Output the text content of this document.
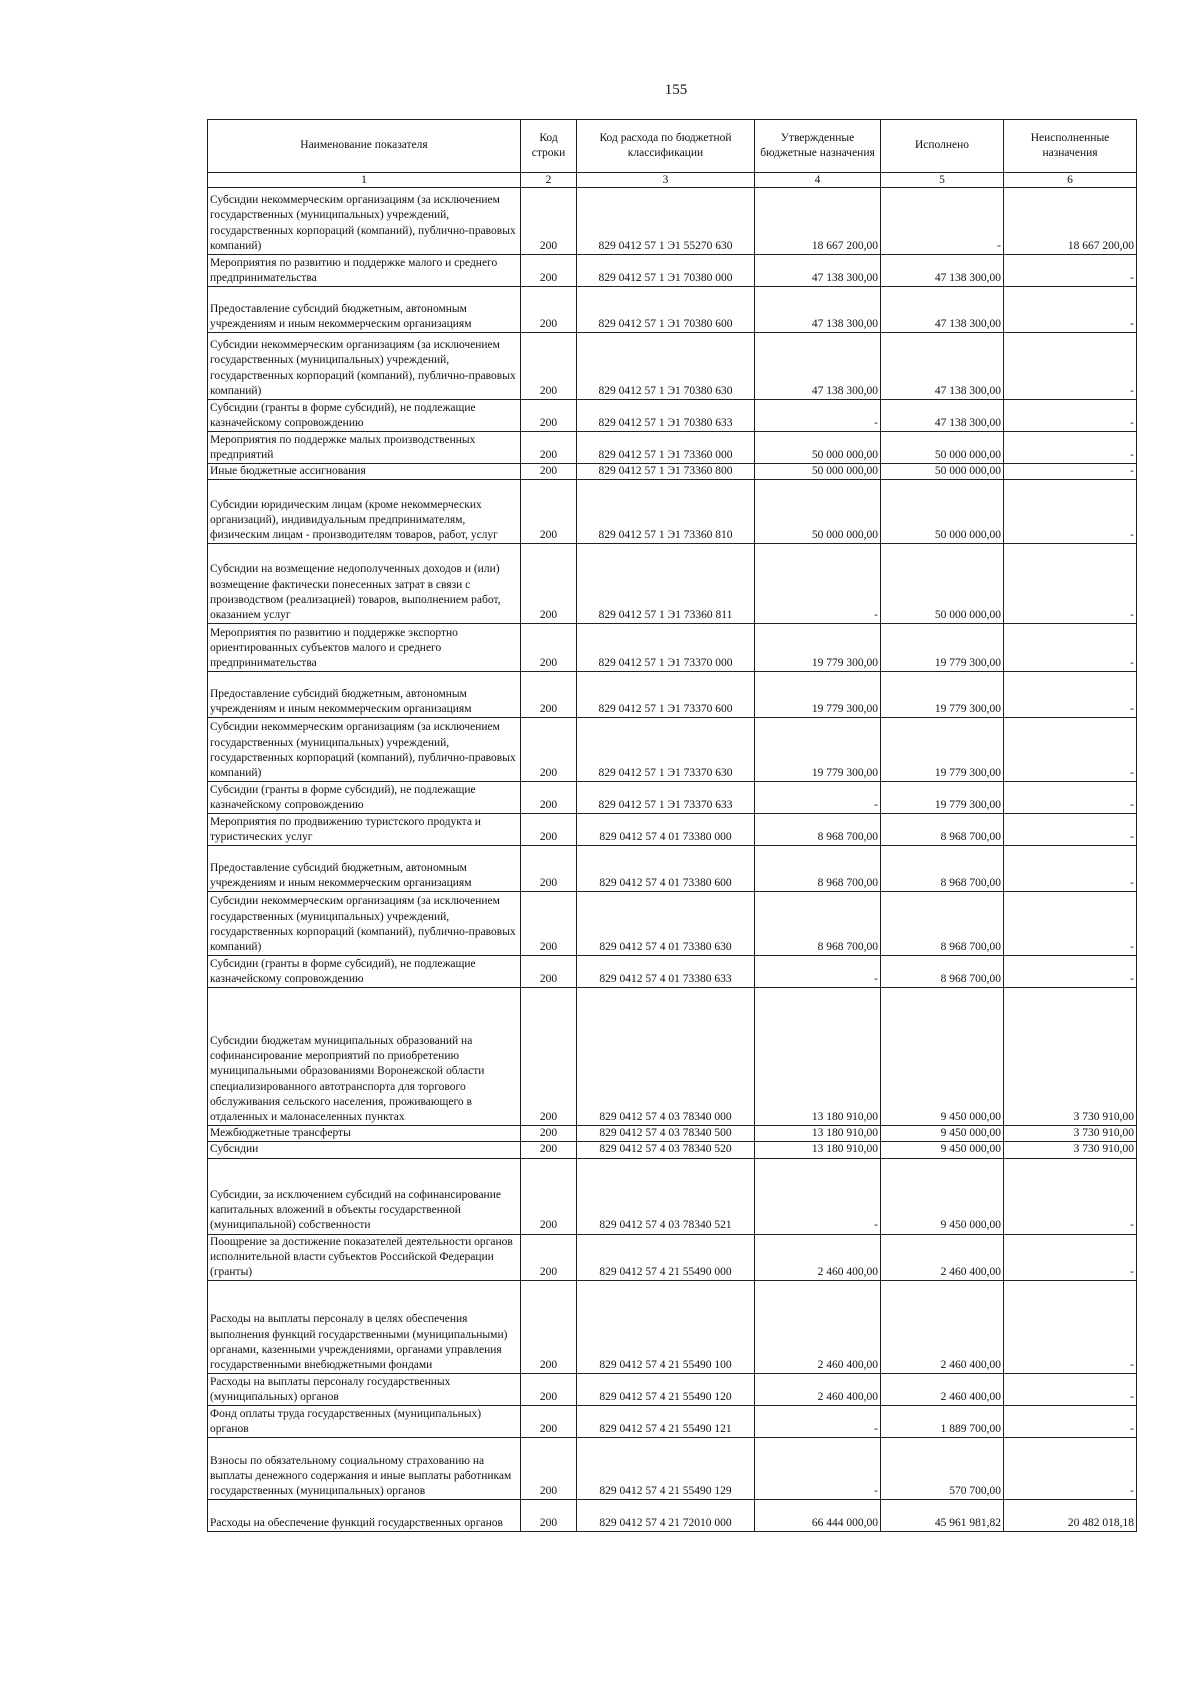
155
Наименование показателя	Код строки	Код расхода по бюджетной классификации	Утвержденные бюджетные назначения	Исполнено	Неисполненные назначения
1	2	3	4	5	6
Субсидии некоммерческим организациям (за исключением государственных (муниципальных) учреждений, государственных корпораций (компаний), публично-правовых компаний)	200	829 0412 57 1 Э1 55270 630	18 667 200,00	-	18 667 200,00
Мероприятия по развитию и поддержке малого и среднего предпринимательства	200	829 0412 57 1 Э1 70380 000	47 138 300,00	47 138 300,00	-
Предоставление субсидий бюджетным, автономным учреждениям и иным некоммерческим организациям	200	829 0412 57 1 Э1 70380 600	47 138 300,00	47 138 300,00	-
Субсидии некоммерческим организациям (за исключением государственных (муниципальных) учреждений, государственных корпораций (компаний), публично-правовых компаний)	200	829 0412 57 1 Э1 70380 630	47 138 300,00	47 138 300,00	-
Субсидии (гранты в форме субсидий), не подлежащие казначейскому сопровождению	200	829 0412 57 1 Э1 70380 633	-	47 138 300,00	-
Мероприятия по поддержке малых производственных предприятий	200	829 0412 57 1 Э1 73360 000	50 000 000,00	50 000 000,00	-
Иные бюджетные ассигнования	200	829 0412 57 1 Э1 73360 800	50 000 000,00	50 000 000,00	-
Субсидии юридическим лицам (кроме некоммерческих организаций), индивидуальным предпринимателям, физическим лицам - производителям товаров, работ, услуг	200	829 0412 57 1 Э1 73360 810	50 000 000,00	50 000 000,00	-
Субсидии на возмещение недополученных доходов и (или) возмещение фактически понесенных затрат в связи с производством (реализацией) товаров, выполнением работ, оказанием услуг	200	829 0412 57 1 Э1 73360 811	-	50 000 000,00	-
Мероприятия по развитию и поддержке экспортно ориентированных субъектов малого и среднего предпринимательства	200	829 0412 57 1 Э1 73370 000	19 779 300,00	19 779 300,00	-
Предоставление субсидий бюджетным, автономным учреждениям и иным некоммерческим организациям	200	829 0412 57 1 Э1 73370 600	19 779 300,00	19 779 300,00	-
Субсидии некоммерческим организациям (за исключением государственных (муниципальных) учреждений, государственных корпораций (компаний), публично-правовых компаний)	200	829 0412 57 1 Э1 73370 630	19 779 300,00	19 779 300,00	-
Субсидии (гранты в форме субсидий), не подлежащие казначейскому сопровождению	200	829 0412 57 1 Э1 73370 633	-	19 779 300,00	-
Мероприятия по продвижению туристского продукта и туристических услуг	200	829 0412 57 4 01 73380 000	8 968 700,00	8 968 700,00	-
Предоставление субсидий бюджетным, автономным учреждениям и иным некоммерческим организациям	200	829 0412 57 4 01 73380 600	8 968 700,00	8 968 700,00	-
Субсидии некоммерческим организациям (за исключением государственных (муниципальных) учреждений, государственных корпораций (компаний), публично-правовых компаний)	200	829 0412 57 4 01 73380 630	8 968 700,00	8 968 700,00	-
Субсидии (гранты в форме субсидий), не подлежащие казначейскому сопровождению	200	829 0412 57 4 01 73380 633	-	8 968 700,00	-
Субсидии бюджетам муниципальных образований на софинансирование мероприятий по приобретению муниципальными образованиями Воронежской области специализированного автотранспорта для торгового обслуживания сельского населения, проживающего в отдаленных и малонаселенных пунктах	200	829 0412 57 4 03 78340 000	13 180 910,00	9 450 000,00	3 730 910,00
Межбюджетные трансферты	200	829 0412 57 4 03 78340 500	13 180 910,00	9 450 000,00	3 730 910,00
Субсидии	200	829 0412 57 4 03 78340 520	13 180 910,00	9 450 000,00	3 730 910,00
Субсидии, за исключением субсидий на софинансирование капитальных вложений в объекты государственной (муниципальной) собственности	200	829 0412 57 4 03 78340 521	-	9 450 000,00	-
Поощрение за достижение показателей деятельности органов исполнительной власти субъектов Российской Федерации (гранты)	200	829 0412 57 4 21 55490 000	2 460 400,00	2 460 400,00	-
Расходы на выплаты персоналу в целях обеспечения выполнения функций государственными (муниципальными) органами, казенными учреждениями, органами управления государственными внебюджетными фондами	200	829 0412 57 4 21 55490 100	2 460 400,00	2 460 400,00	-
Расходы на выплаты персоналу государственных (муниципальных) органов	200	829 0412 57 4 21 55490 120	2 460 400,00	2 460 400,00	-
Фонд оплаты труда государственных (муниципальных) органов	200	829 0412 57 4 21 55490 121	-	1 889 700,00	-
Взносы по обязательному социальному страхованию на выплаты денежного содержания и иные выплаты работникам государственных (муниципальных) органов	200	829 0412 57 4 21 55490 129	-	570 700,00	-
Расходы на обеспечение функций государственных органов	200	829 0412 57 4 21 72010 000	66 444 000,00	45 961 981,82	20 482 018,18
